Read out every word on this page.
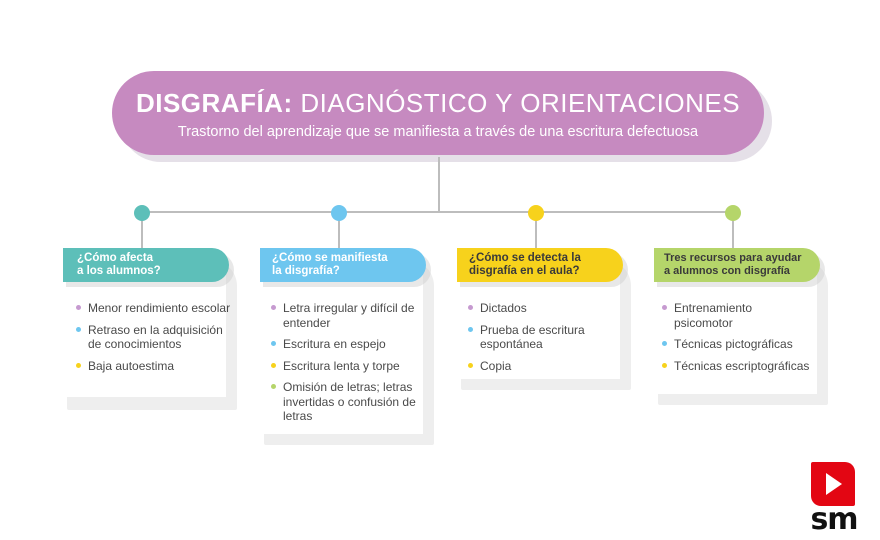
DISGRAFÍA: DIAGNÓSTICO Y ORIENTACIONES
Trastorno del aprendizaje que se manifiesta a través de una escritura defectuosa
¿Cómo afecta
a los alumnos?
Menor rendimiento escolar
Retraso en la adquisición de conocimientos
Baja autoestima
¿Cómo se manifiesta
la disgrafía?
Letra irregular y difícil de entender
Escritura en espejo
Escritura lenta y torpe
Omisión de letras; letras invertidas o confusión de letras
¿Cómo se detecta la
disgrafía en el aula?
Dictados
Prueba de escritura espontánea
Copia
Tres recursos para ayudar
a alumnos con disgrafía
Entrenamiento psicomotor
Técnicas pictográficas
Técnicas escriptográficas
sm
